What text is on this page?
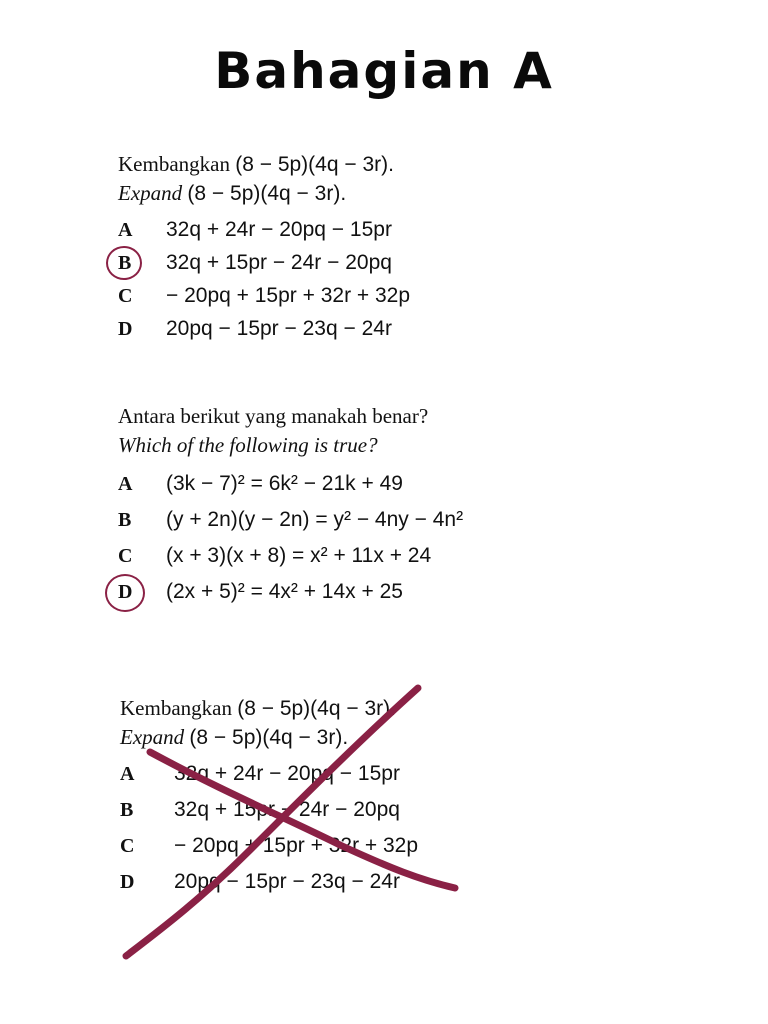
Bahagian A
Kembangkan (8 − 5p)(4q − 3r).
Expand (8 − 5p)(4q − 3r).
A	32q + 24r − 20pq − 15pr
B	32q + 15pr − 24r − 20pq
C	− 20pq + 15pr + 32r + 32p
D	20pq − 15pr − 23q − 24r
Antara berikut yang manakah benar?
Which of the following is true?
A	(3k − 7)² = 6k² − 21k + 49
B	(y + 2n)(y − 2n) = y² − 4ny − 4n²
C	(x + 3)(x + 8) = x² + 11x + 24
D	(2x + 5)² = 4x² + 14x + 25
Kembangkan (8 − 5p)(4q − 3r).
Expand (8 − 5p)(4q − 3r).
A	32q + 24r − 20pq − 15pr
B	32q + 15pr − 24r − 20pq
C	− 20pq + 15pr + 32r + 32p
D	20pq − 15pr − 23q − 24r
